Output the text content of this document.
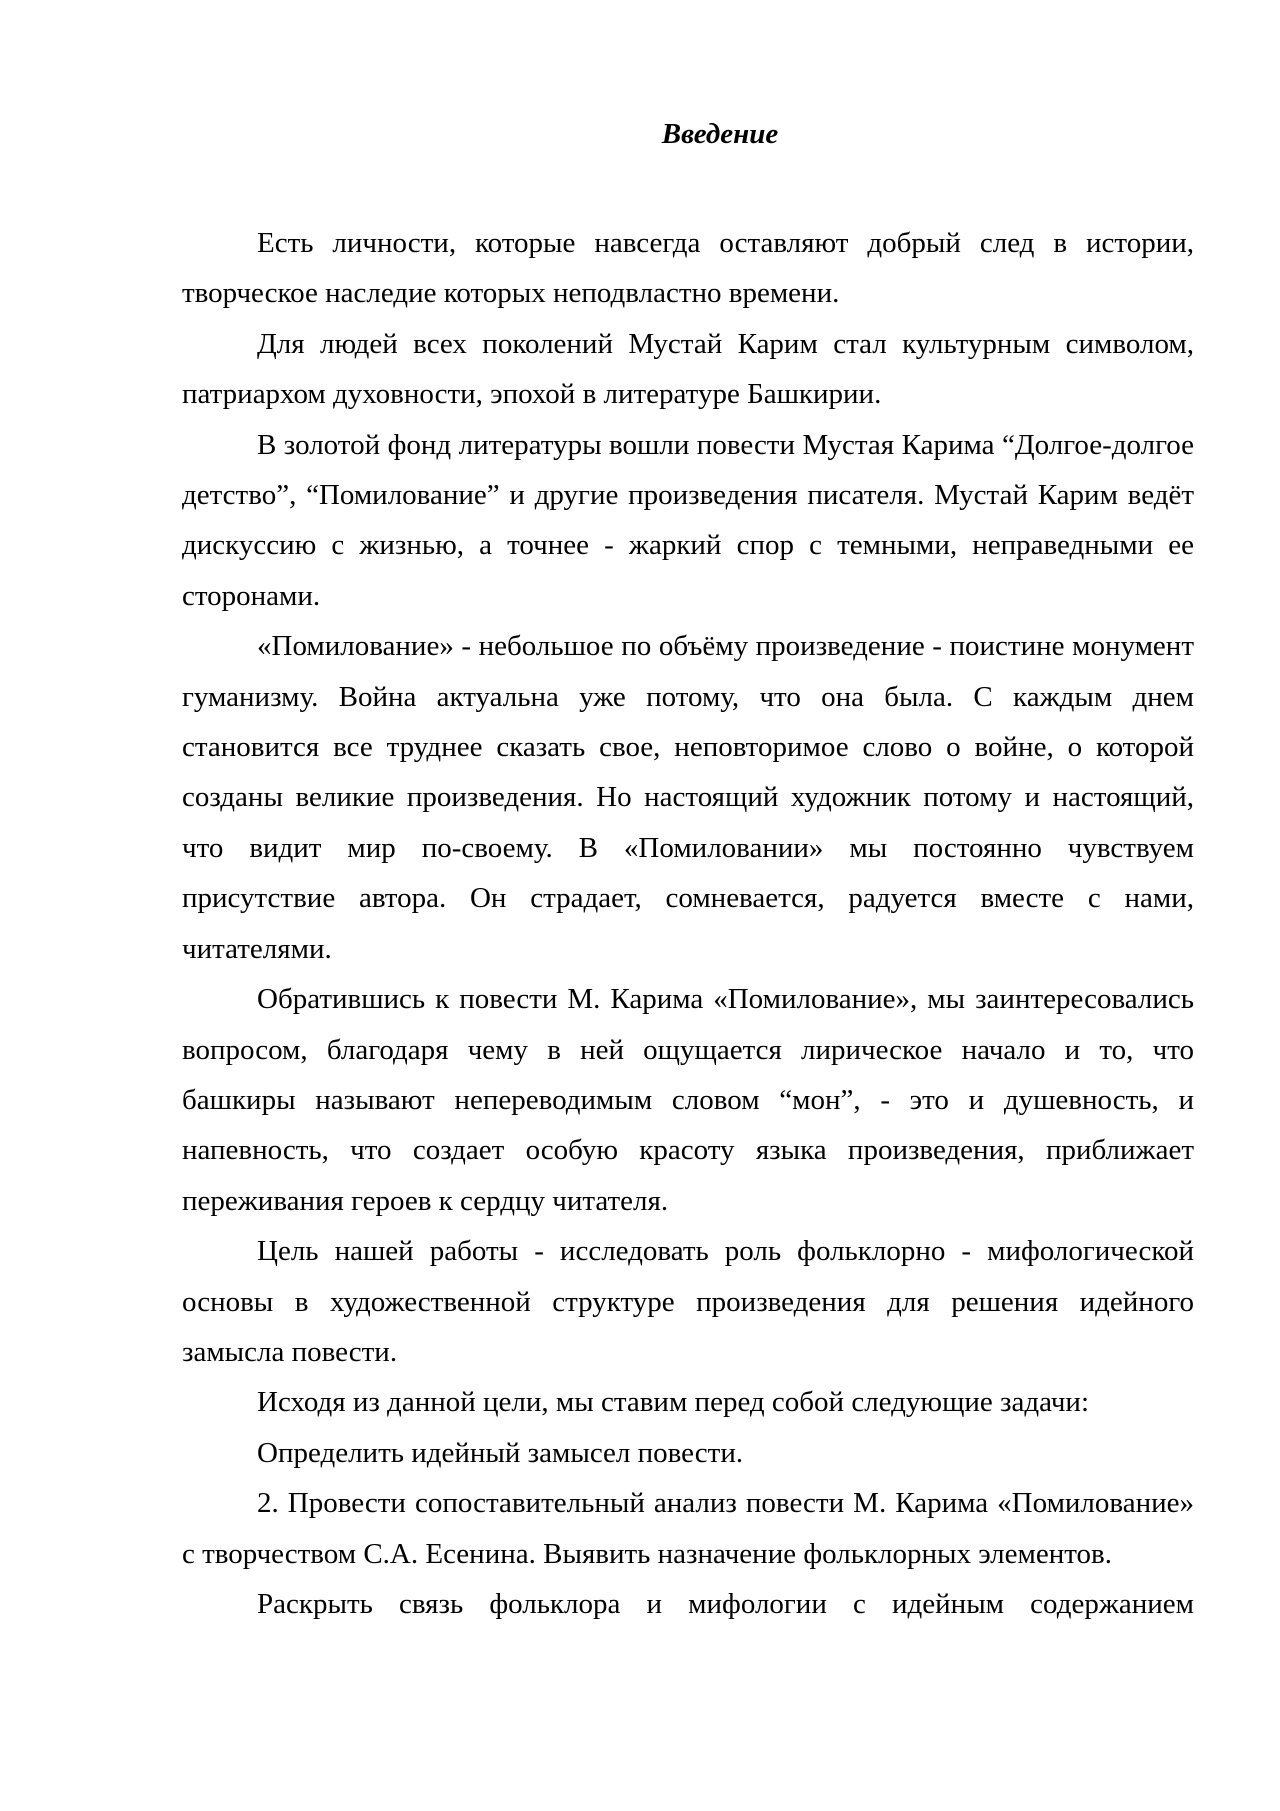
Введение

Есть личности, которые навсегда оставляют добрый след в истории, творческое наследие которых неподвластно времени.

Для людей всех поколений Мустай Карим стал культурным символом, патриархом духовности, эпохой в литературе Башкирии.

В золотой фонд литературы вошли повести Мустая Карима “Долгое-долгое детство”, “Помилование” и другие произведения писателя. Мустай Карим ведёт дискуссию с жизнью, а точнее - жаркий спор с темными, неправедными ее сторонами.

«Помилование» - небольшое по объёму произведение - поистине монумент гуманизму. Война актуальна уже потому, что она была. С каждым днем становится все труднее сказать свое, неповторимое слово о войне, о которой созданы великие произведения. Но настоящий художник потому и настоящий, что видит мир по-своему. В «Помиловании» мы постоянно чувствуем присутствие автора. Он страдает, сомневается, радуется вместе с нами, читателями.

Обратившись к повести М. Карима «Помилование», мы заинтересовались вопросом, благодаря чему в ней ощущается лирическое начало и то, что башкиры называют непереводимым словом “мон”, - это и душевность, и напевность, что создает особую красоту языка произведения, приближает переживания героев к сердцу читателя.

Цель нашей работы - исследовать роль фольклорно - мифологической основы в художественной структуре произведения для решения идейного замысла повести.

Исходя из данной цели, мы ставим перед собой следующие задачи:

Определить идейный замысел повести.

2. Провести сопоставительный анализ повести М. Карима «Помилование» с творчеством С.А. Есенина. Выявить назначение фольклорных элементов.

Раскрыть связь фольклора и мифологии с идейным содержанием
